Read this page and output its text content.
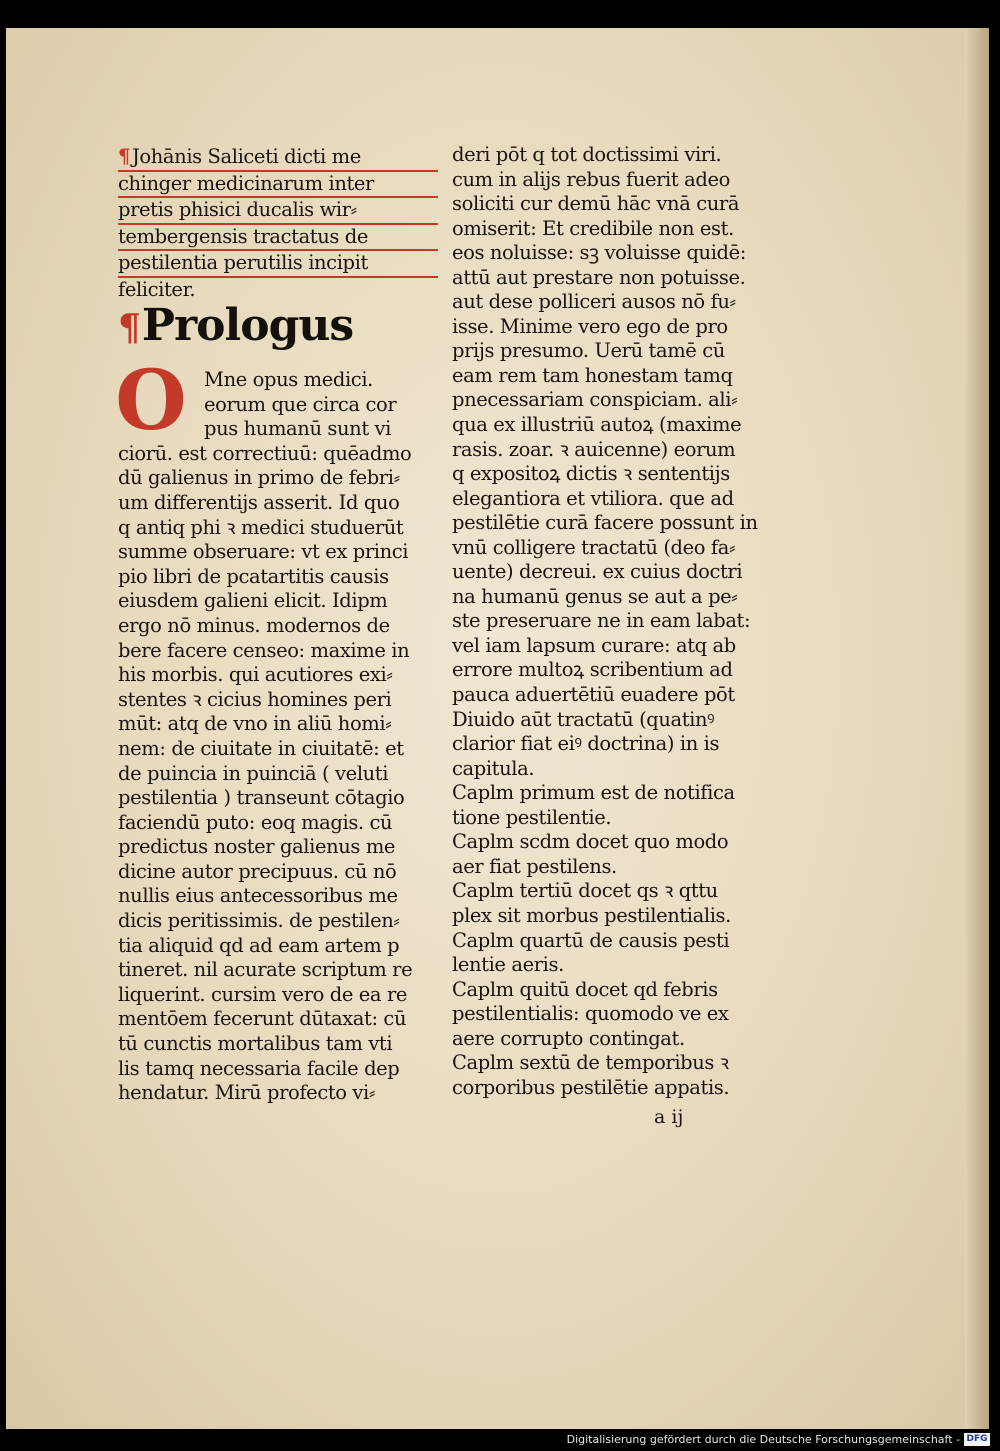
¶ Johānis Saliceti dicti me
chinger medicinarum inter
pretis phisici ducalis wir⸗
tembergensis tractatus de
pestilentia perutilis incipit
feliciter.
¶Prologus
O Mne opus medici.
eorum que circa cor
pus humanū sunt vi
ciorū. est correctiuū: quēadmo
dū galienus in primo de febri⸗
um differentijs asserit. Id quo
q antiq phi ꝛ medici studuerūt
summe obseruare: vt ex princi
pio libri de pcatartitis causis
eiusdem galieni elicit. Idipm
ergo nō minus. modernos de
bere facere censeo: maxime in
his morbis. qui acutiores exi⸗
stentes ꝛ cicius homines peri
mūt: atq de vno in aliū homi⸗
nem: de ciuitate in ciuitatē: et
de puincia in puinciā ( veluti
pestilentia ) transeunt cōtagio
faciendū puto: eoq magis. cū
predictus noster galienus me
dicine autor precipuus. cū nō
nullis eius antecessoribus me
dicis peritissimis. de pestilen⸗
tia aliquid qd ad eam artem p
tineret. nil acurate scriptum re
liquerint. cursim vero de ea re
mentōem fecerunt dūtaxat: cū
tū cunctis mortalibus tam vti
lis tamq necessaria facile dep
hendatur. Mirū profecto vi⸗
deri pōt q tot doctissimi viri.
cum in alijs rebus fuerit adeo
soliciti cur demū hāc vnā curā
omiserit: Et credibile non est.
eos noluisse: sꝫ voluisse quidē:
attū aut prestare non potuisse.
aut dese polliceri ausos nō fu⸗
isse. Minime vero ego de pro
prijs presumo. Uerū tamē cū
eam rem tam honestam tamq
pnecessariam conspiciam. ali⸗
qua ex illustriū autoꝝ (maxime
rasis. zoar. ꝛ auicenne) eorum
q expositoꝝ dictis ꝛ sententijs
elegantiora et vtiliora. que ad
pestilētie curā facere possunt in
vnū colligere tractatū (deo fa⸗
uente) decreui. ex cuius doctri
na humanū genus se aut a pe⸗
ste preseruare ne in eam labat:
vel iam lapsum curare: atq ab
errore multoꝝ scribentium ad
pauca aduertētiū euadere pōt
Diuido aūt tractatū (quatinꝰ
clarior fiat eiꝰ doctrina) in is
capitula.
Caplm primum est de notifica
tione pestilentie.
Caplm scdm docet quo modo
aer fiat pestilens.
Caplm tertiū docet qs ꝛ qttu
plex sit morbus pestilentialis.
Caplm quartū de causis pesti
lentie aeris.
Caplm quitū docet qd febris
pestilentialis: quomodo ve ex
aere corrupto contingat.
Caplm sextū de temporibus ꝛ
corporibus pestilētie appatis.
a ij
Digitalisierung gefördert durch die Deutsche Forschungsgemeinschaft - DFG
